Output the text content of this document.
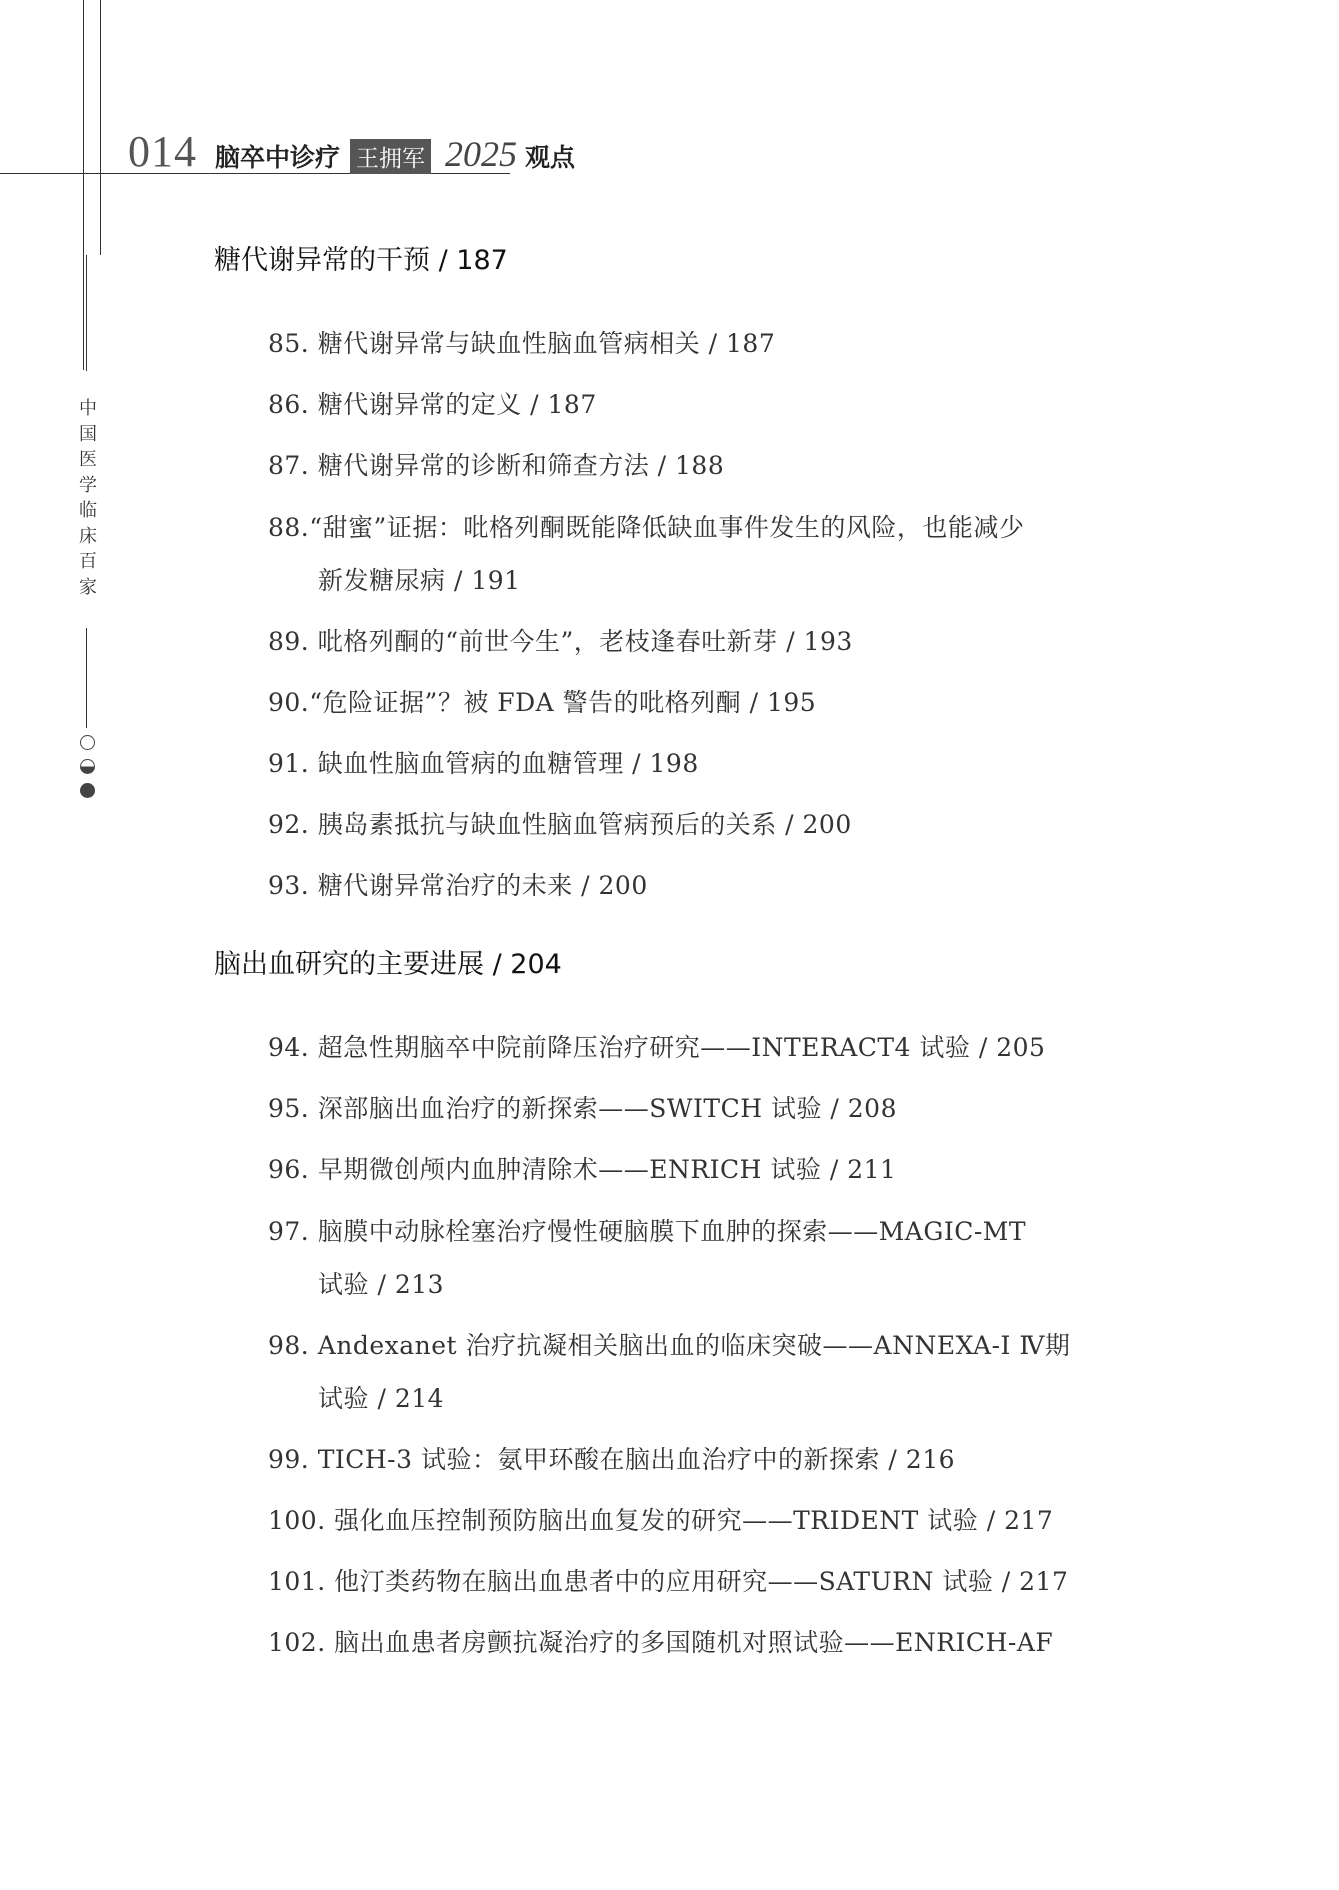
014 脑卒中诊疗 王拥军 2025 观点
中国医学临床百家
糖代谢异常的干预 / 187
85. 糖代谢异常与缺血性脑血管病相关 / 187
86. 糖代谢异常的定义 / 187
87. 糖代谢异常的诊断和筛查方法 / 188
88.“甜蜜”证据：吡格列酮既能降低缺血事件发生的风险，也能减少
新发糖尿病 / 191
89. 吡格列酮的“前世今生”，老枝逢春吐新芽 / 193
90.“危险证据”？被 FDA 警告的吡格列酮 / 195
91. 缺血性脑血管病的血糖管理 / 198
92. 胰岛素抵抗与缺血性脑血管病预后的关系 / 200
93. 糖代谢异常治疗的未来 / 200
脑出血研究的主要进展 / 204
94. 超急性期脑卒中院前降压治疗研究——INTERACT4 试验 / 205
95. 深部脑出血治疗的新探索——SWITCH 试验 / 208
96. 早期微创颅内血肿清除术——ENRICH 试验 / 211
97. 脑膜中动脉栓塞治疗慢性硬脑膜下血肿的探索——MAGIC-MT
试验 / 213
98. Andexanet 治疗抗凝相关脑出血的临床突破——ANNEXA-I Ⅳ期
试验 / 214
99. TICH-3 试验：氨甲环酸在脑出血治疗中的新探索 / 216
100. 强化血压控制预防脑出血复发的研究——TRIDENT 试验 / 217
101. 他汀类药物在脑出血患者中的应用研究——SATURN 试验 / 217
102. 脑出血患者房颤抗凝治疗的多国随机对照试验——ENRICH-AF
